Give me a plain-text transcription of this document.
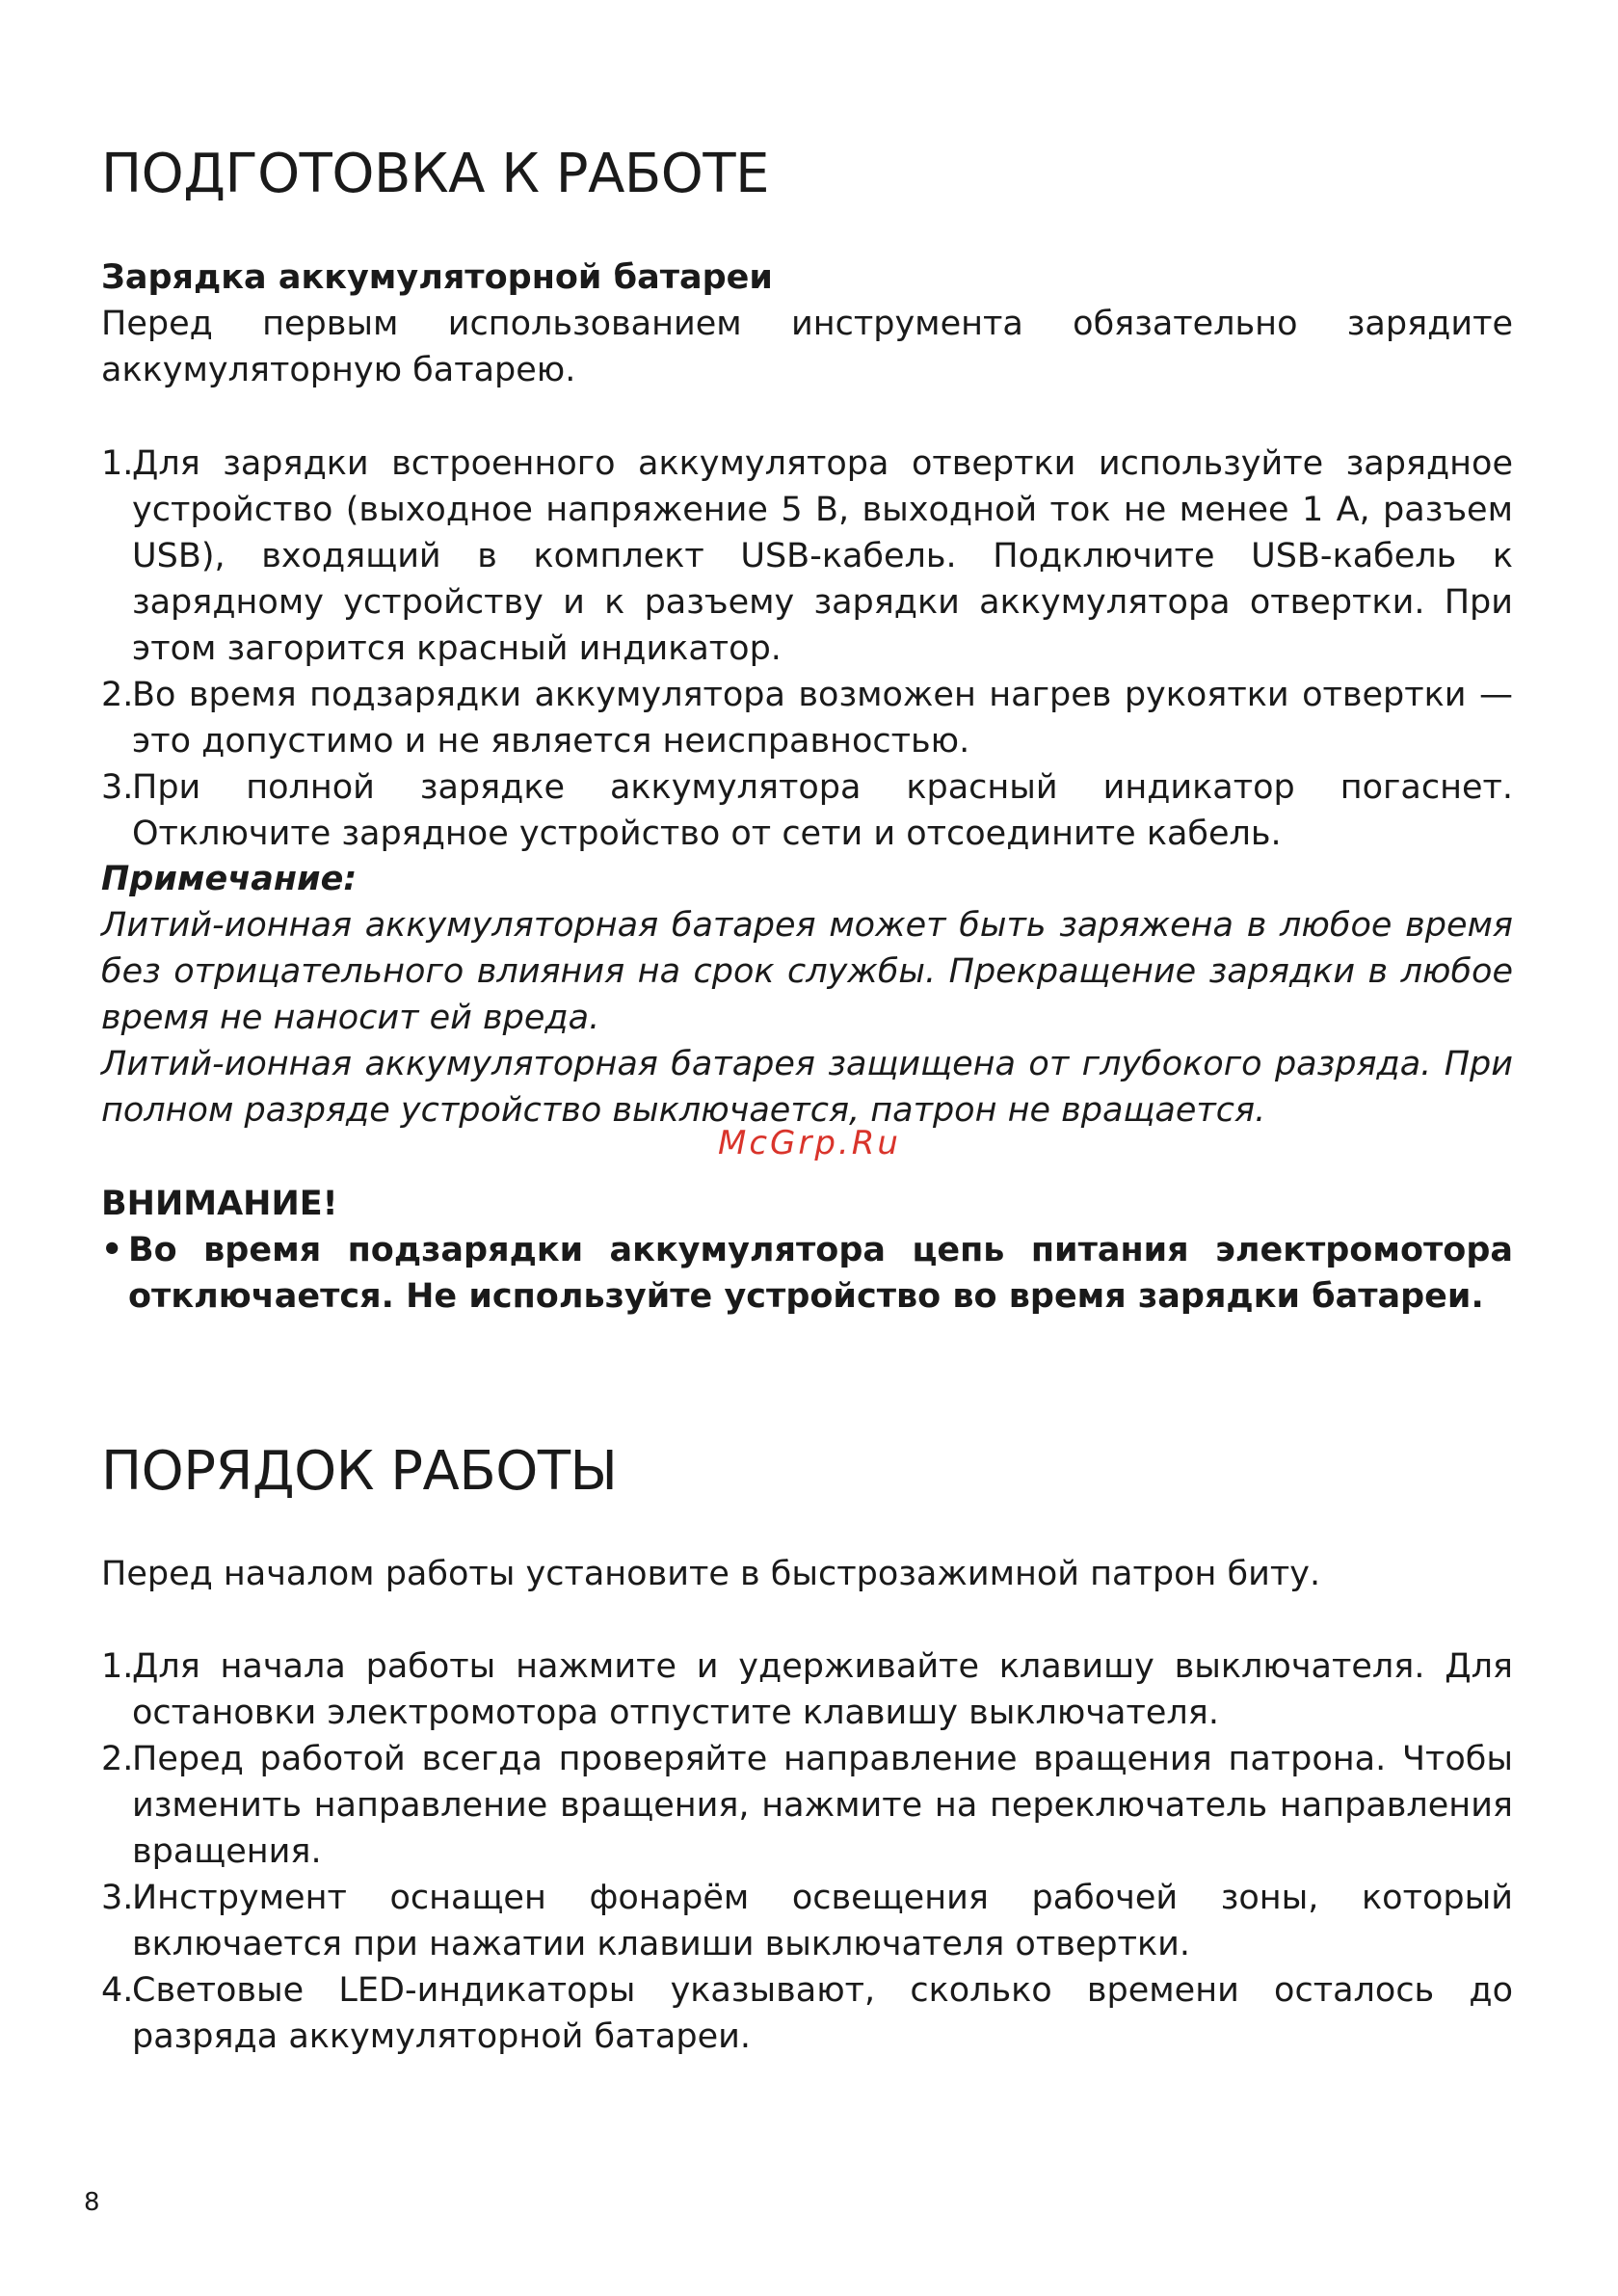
ПОДГОТОВКА К РАБОТЕ

Зарядка аккумуляторной батареи

Перед первым использованием инструмента обязательно зарядите аккумуляторную батарею.

1.
Для зарядки встроенного аккумулятора отвертки используйте зарядное устройство (выходное напряжение 5 В, выходной ток не менее 1 А, разъем USB), входящий в комплект USB-кабель. Подключите USB-кабель к зарядному устройству и к разъему зарядки аккумулятора отвертки. При этом загорится красный индикатор.
2.
Во время подзарядки аккумулятора возможен нагрев рукоятки отвертки — это допустимо и не является неисправностью.
3.
При полной зарядке аккумулятора красный индикатор погаснет. Отключите зарядное устройство от сети и отсоедините кабель.

Примечание:

Литий-ионная аккумуляторная батарея может быть заряжена в любое время без отрицательного влияния на срок службы. Прекращение зарядки в любое время не наносит ей вреда.

Литий-ионная аккумуляторная батарея защищена от глубокого разряда. При полном разряде устройство выключается, патрон не вращается.

ВНИМАНИЕ!

• Во время подзарядки аккумулятора цепь питания электромотора отключается. Не используйте устройство во время зарядки батареи.
ПОРЯДОК РАБОТЫ

Перед началом работы установите в быстрозажимной патрон биту.

1.
Для начала работы нажмите и удерживайте клавишу выключателя. Для остановки электромотора отпустите клавишу выключателя.
2.
Перед работой всегда проверяйте направление вращения патрона. Чтобы изменить направление вращения, нажмите на переключатель направления вращения.
3.
Инструмент оснащен фонарём освещения рабочей зоны, который включается при нажатии клавиши выключателя отвертки.
4.
Световые LED-индикаторы указывают, сколько времени осталось до разряда аккумуляторной батареи.
McGrp.Ru
8
